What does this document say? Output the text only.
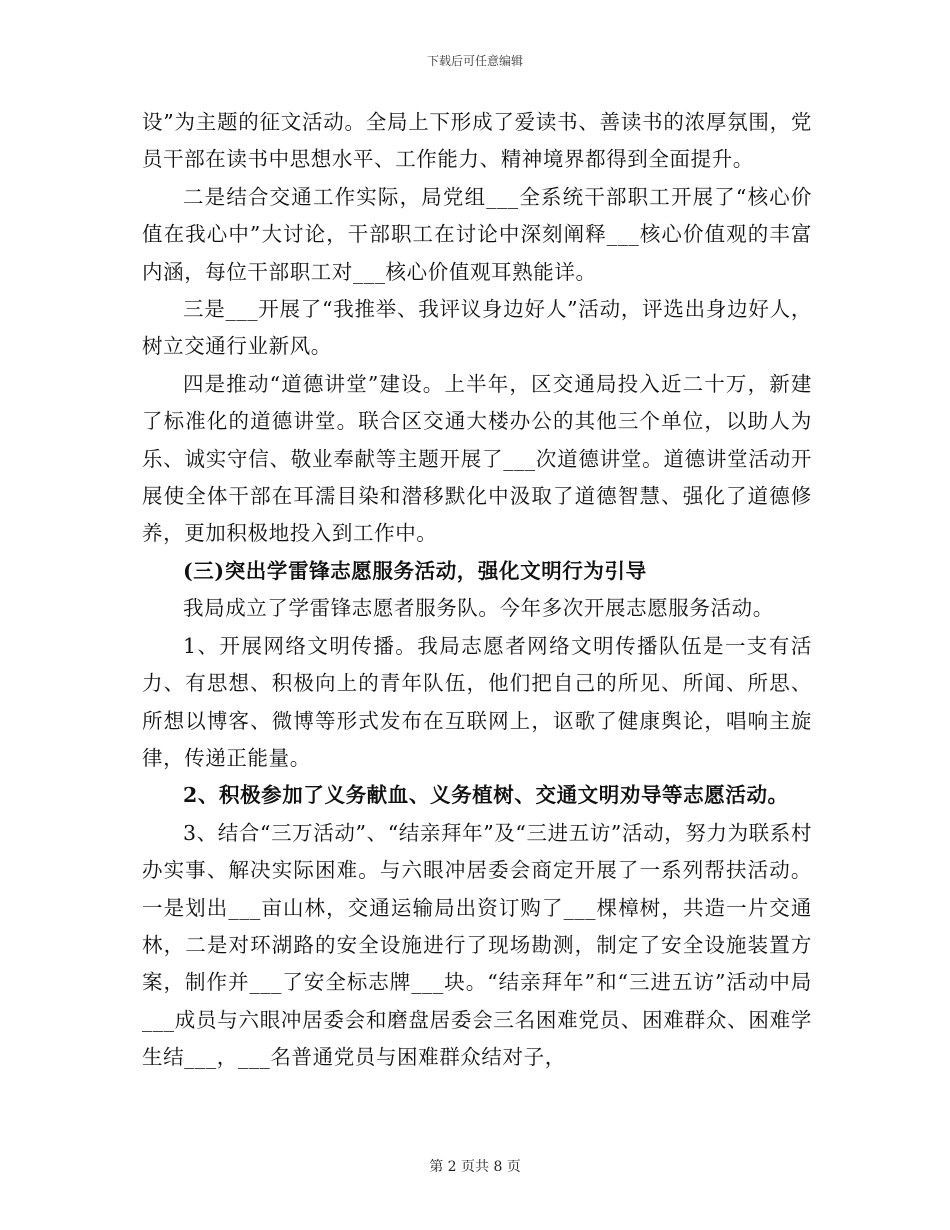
下载后可任意编辑

设”为主题的征文活动。全局上下形成了爱读书、善读书的浓厚氛围，党员干部在读书中思想水平、工作能力、精神境界都得到全面提升。

二是结合交通工作实际，局党组___全系统干部职工开展了“核心价值在我心中”大讨论，干部职工在讨论中深刻阐释___核心价值观的丰富内涵，每位干部职工对___核心价值观耳熟能详。

三是___开展了“我推举、我评议身边好人”活动，评选出身边好人，树立交通行业新风。

四是推动“道德讲堂”建设。上半年，区交通局投入近二十万，新建了标准化的道德讲堂。联合区交通大楼办公的其他三个单位，以助人为乐、诚实守信、敬业奉献等主题开展了___次道德讲堂。道德讲堂活动开展使全体干部在耳濡目染和潜移默化中汲取了道德智慧、强化了道德修养，更加积极地投入到工作中。

(三)突出学雷锋志愿服务活动，强化文明行为引导

我局成立了学雷锋志愿者服务队。今年多次开展志愿服务活动。

1、开展网络文明传播。我局志愿者网络文明传播队伍是一支有活力、有思想、积极向上的青年队伍，他们把自己的所见、所闻、所思、所想以博客、微博等形式发布在互联网上，讴歌了健康舆论，唱响主旋律，传递正能量。

2、积极参加了义务献血、义务植树、交通文明劝导等志愿活动。

3、结合“三万活动”、“结亲拜年”及“三进五访”活动，努力为联系村办实事、解决实际困难。与六眼冲居委会商定开展了一系列帮扶活动。一是划出___亩山林，交通运输局出资订购了___棵樟树，共造一片交通林，二是对环湖路的安全设施进行了现场勘测，制定了安全设施装置方案，制作并___了安全标志牌___块。“结亲拜年”和“三进五访”活动中局___成员与六眼冲居委会和磨盘居委会三名困难党员、困难群众、困难学生结___，___名普通党员与困难群众结对子，

第 2 页共 8 页
